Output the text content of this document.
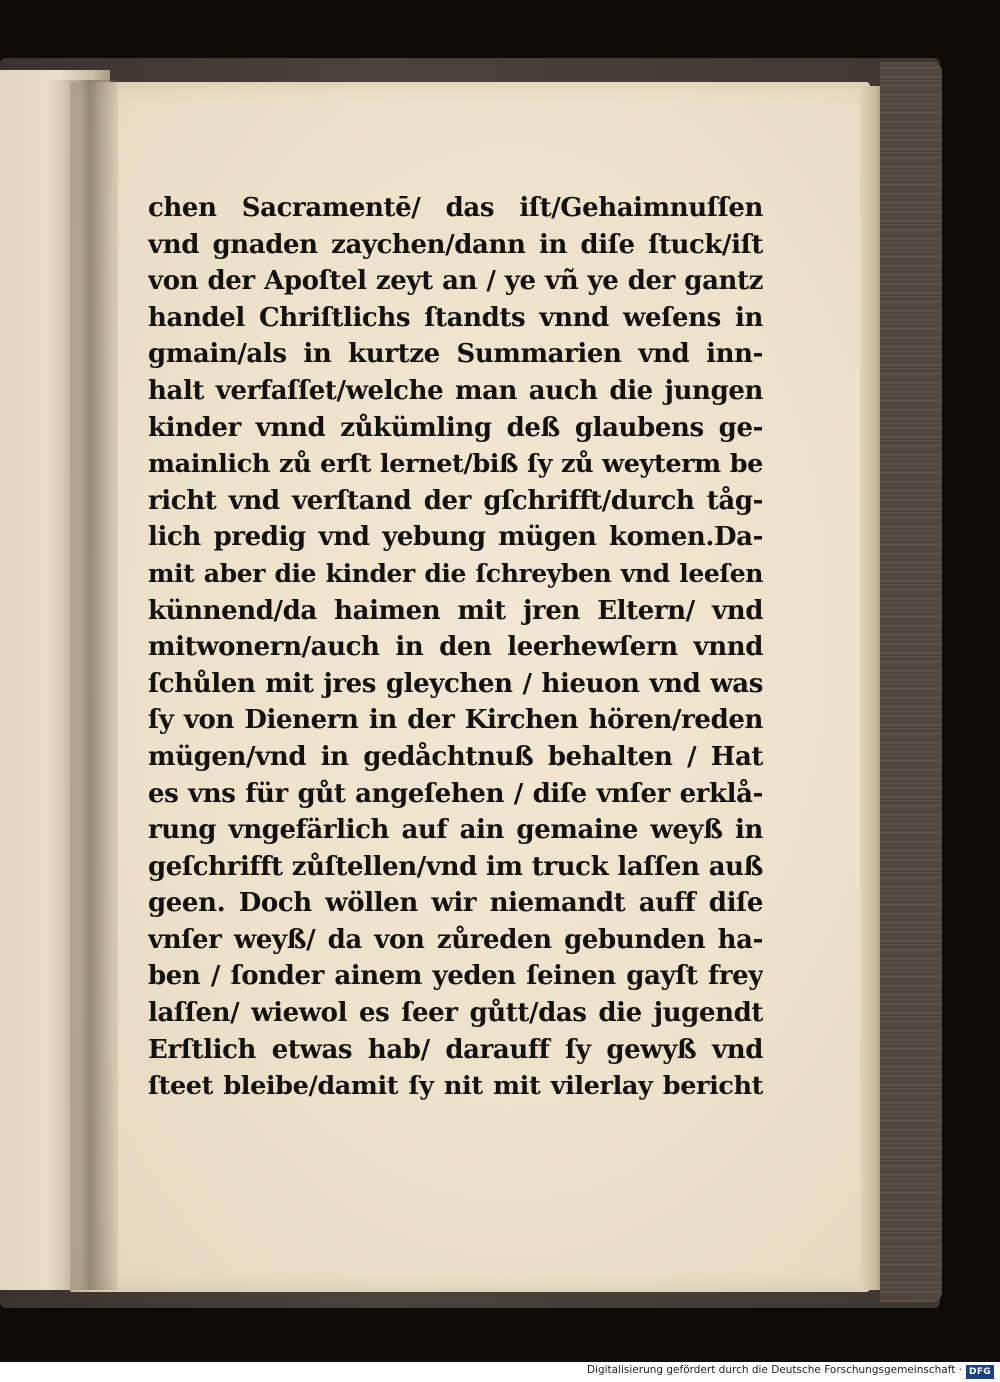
chen Sacramentē/ das iſt/Gehaimnuſſen
vnd gnaden zaychen/dann in diſe ſtuck/iſt
von der Apoſtel zeyt an / ye vñ ye der gantz
handel Chriſtlichs ſtandts vnnd weſens in
gmain/als in kurtze Summarien vnd inn-
halt verfaſſet/welche man auch die jungen
kinder vnnd zůkümling deß glaubens ge-
mainlich zů erſt lernet/biß ſy zů weyterm be
richt vnd verſtand der gſchrifft/durch tåg-
lich predig vnd yebung mügen komen.Da-
mit aber die kinder die ſchreyben vnd leeſen
künnend/da haimen mit jren Eltern/ vnd
mitwonern/auch in den leerhewſern vnnd
ſchůlen mit jres gleychen / hieuon vnd was
ſy von Dienern in der Kirchen hören/reden
mügen/vnd in gedåchtnuß behalten / Hat
es vns für gůt angeſehen / diſe vnſer erklå-
rung vngefärlich auf ain gemaine weyß in
geſchrifft zůſtellen/vnd im truck laſſen auß
geen. Doch wöllen wir niemandt auff diſe
vnſer weyß/ da von zůreden gebunden ha-
ben / ſonder ainem yeden ſeinen gayſt frey
laſſen/ wiewol es ſeer gůtt/das die jugendt
Erſtlich etwas hab/ darauff ſy gewyß vnd
ſteet bleibe/damit ſy nit mit vilerlay bericht
Digitalisierung gefördert durch die Deutsche Forschungsgemeinschaft · DFG
